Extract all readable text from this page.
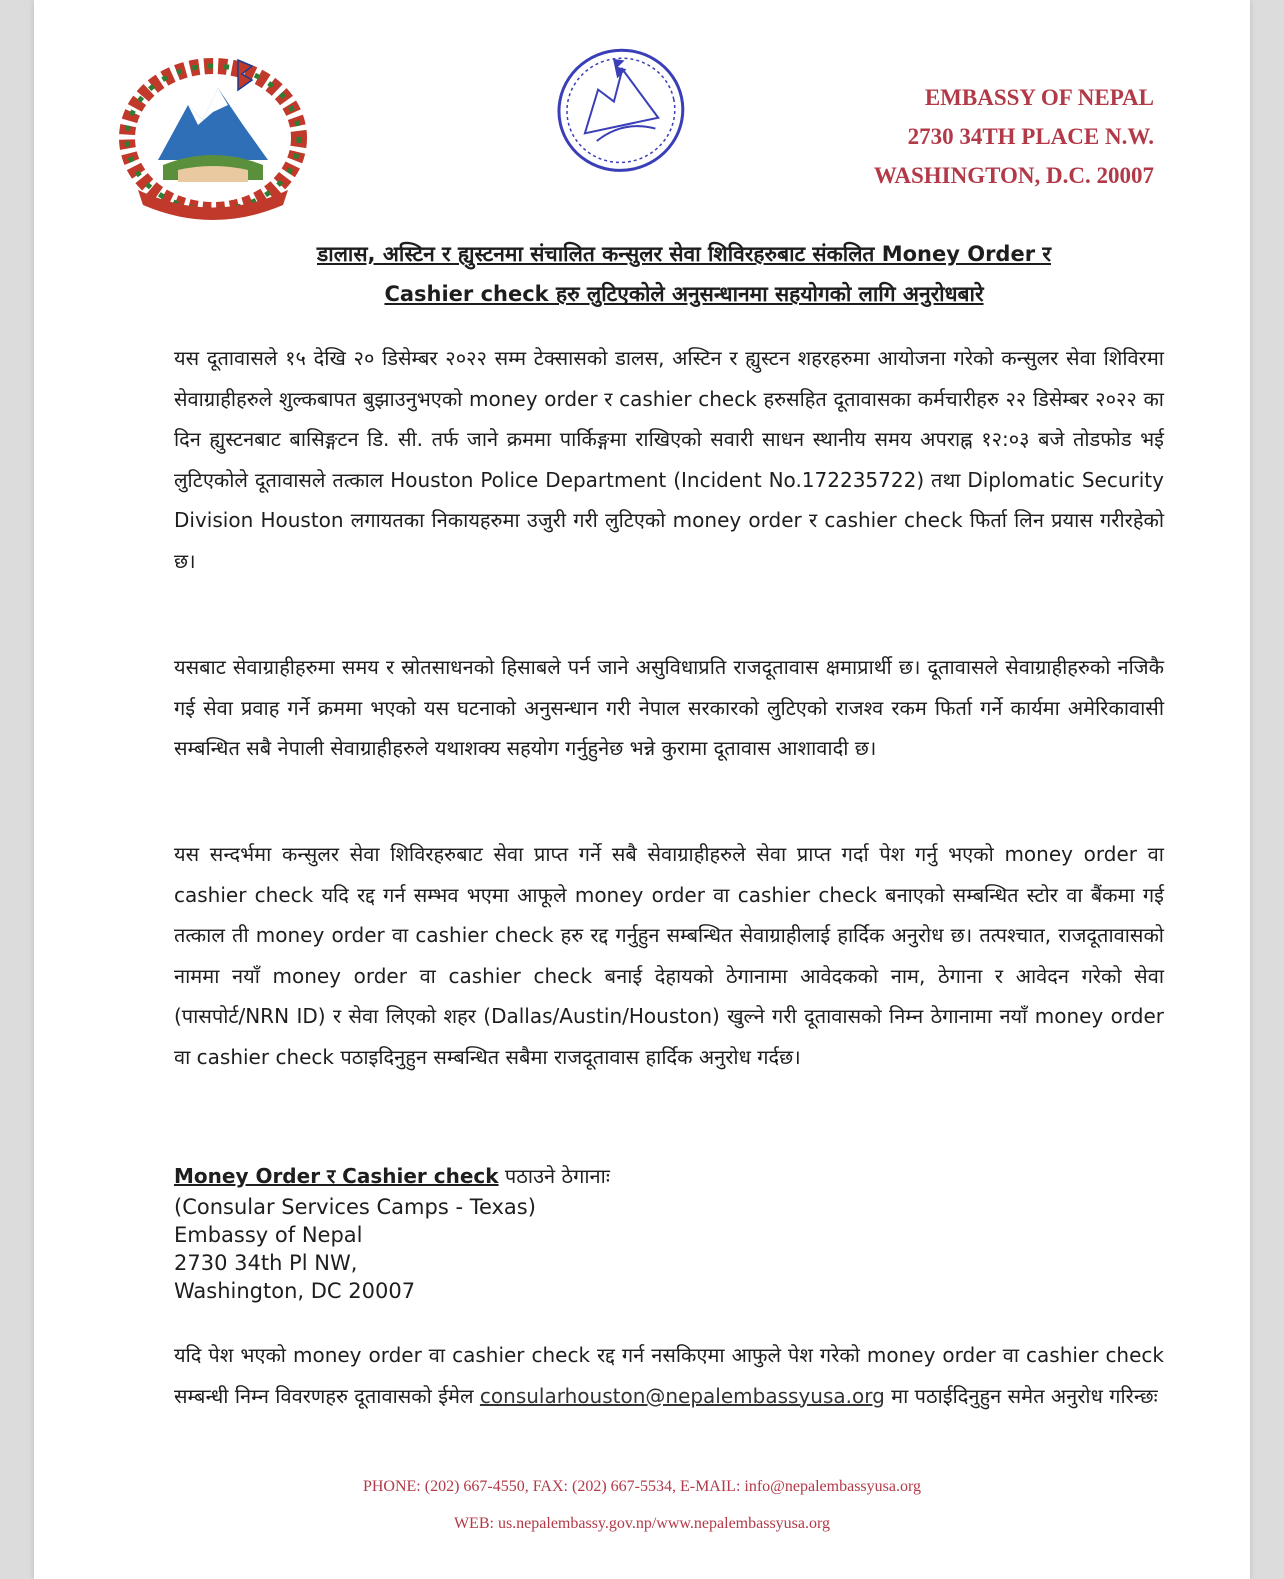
EMBASSY OF NEPAL
2730 34TH PLACE N.W.
WASHINGTON, D.C. 20007
डालास, अस्टिन र ह्युस्टनमा संचालित कन्सुलर सेवा शिविरहरुबाट संकलित Money Order र
Cashier check हरु लुटिएकोले अनुसन्धानमा सहयोगको लागि अनुरोधबारे
यस दूतावासले १५ देखि २० डिसेम्बर २०२२ सम्म टेक्सासको डालस, अस्टिन र ह्युस्टन शहरहरुमा आयोजना गरेको कन्सुलर सेवा शिविरमा सेवाग्राहीहरुले शुल्कबापत बुझाउनुभएको money order र cashier check हरुसहित दूतावासका कर्मचारीहरु २२ डिसेम्बर २०२२ का दिन ह्युस्टनबाट बासिङ्गटन डि. सी. तर्फ जाने क्रममा पार्किङ्गमा राखिएको सवारी साधन स्थानीय समय अपराह्न १२:०३ बजे तोडफोड भई लुटिएकोले दूतावासले तत्काल Houston Police Department (Incident No.172235722) तथा Diplomatic Security Division Houston लगायतका निकायहरुमा उजुरी गरी लुटिएको money order र cashier check फिर्ता लिन प्रयास गरीरहेको छ।
यसबाट सेवाग्राहीहरुमा समय र स्रोतसाधनको हिसाबले पर्न जाने असुविधाप्रति राजदूतावास क्षमाप्रार्थी छ। दूतावासले सेवाग्राहीहरुको नजिकै गई सेवा प्रवाह गर्ने क्रममा भएको यस घटनाको अनुसन्धान गरी नेपाल सरकारको लुटिएको राजश्व रकम फिर्ता गर्ने कार्यमा अमेरिकावासी सम्बन्धित सबै नेपाली सेवाग्राहीहरुले यथाशक्य सहयोग गर्नुहुनेछ भन्ने कुरामा दूतावास आशावादी छ।
यस सन्दर्भमा कन्सुलर सेवा शिविरहरुबाट सेवा प्राप्त गर्ने सबै सेवाग्राहीहरुले सेवा प्राप्त गर्दा पेश गर्नु भएको money order वा cashier check यदि रद्द गर्न सम्भव भएमा आफूले money order वा cashier check बनाएको सम्बन्धित स्टोर वा बैंकमा गई तत्काल ती money order वा cashier check हरु रद्द गर्नुहुन सम्बन्धित सेवाग्राहीलाई हार्दिक अनुरोध छ। तत्पश्चात, राजदूतावासको नाममा नयाँ money order वा cashier check बनाई देहायको ठेगानामा आवेदकको नाम, ठेगाना र आवेदन गरेको सेवा (पासपोर्ट/NRN ID) र सेवा लिएको शहर (Dallas/Austin/Houston) खुल्ने गरी दूतावासको निम्न ठेगानामा नयाँ money order वा cashier check पठाइदिनुहुन सम्बन्धित सबैमा राजदूतावास हार्दिक अनुरोध गर्दछ।
Money Order र Cashier check पठाउने ठेगानाः
(Consular Services Camps - Texas)
Embassy of Nepal
2730 34th Pl NW,
Washington, DC 20007
यदि पेश भएको money order वा cashier check रद्द गर्न नसकिएमा आफुले पेश गरेको money order वा cashier check सम्बन्धी निम्न विवरणहरु दूतावासको ईमेल consularhouston@nepalembassyusa.org मा पठाईदिनुहुन समेत अनुरोध गरिन्छः
PHONE: (202) 667-4550, FAX: (202) 667-5534, E-MAIL: info@nepalembassyusa.org
WEB: us.nepalembassy.gov.np/www.nepalembassyusa.org
